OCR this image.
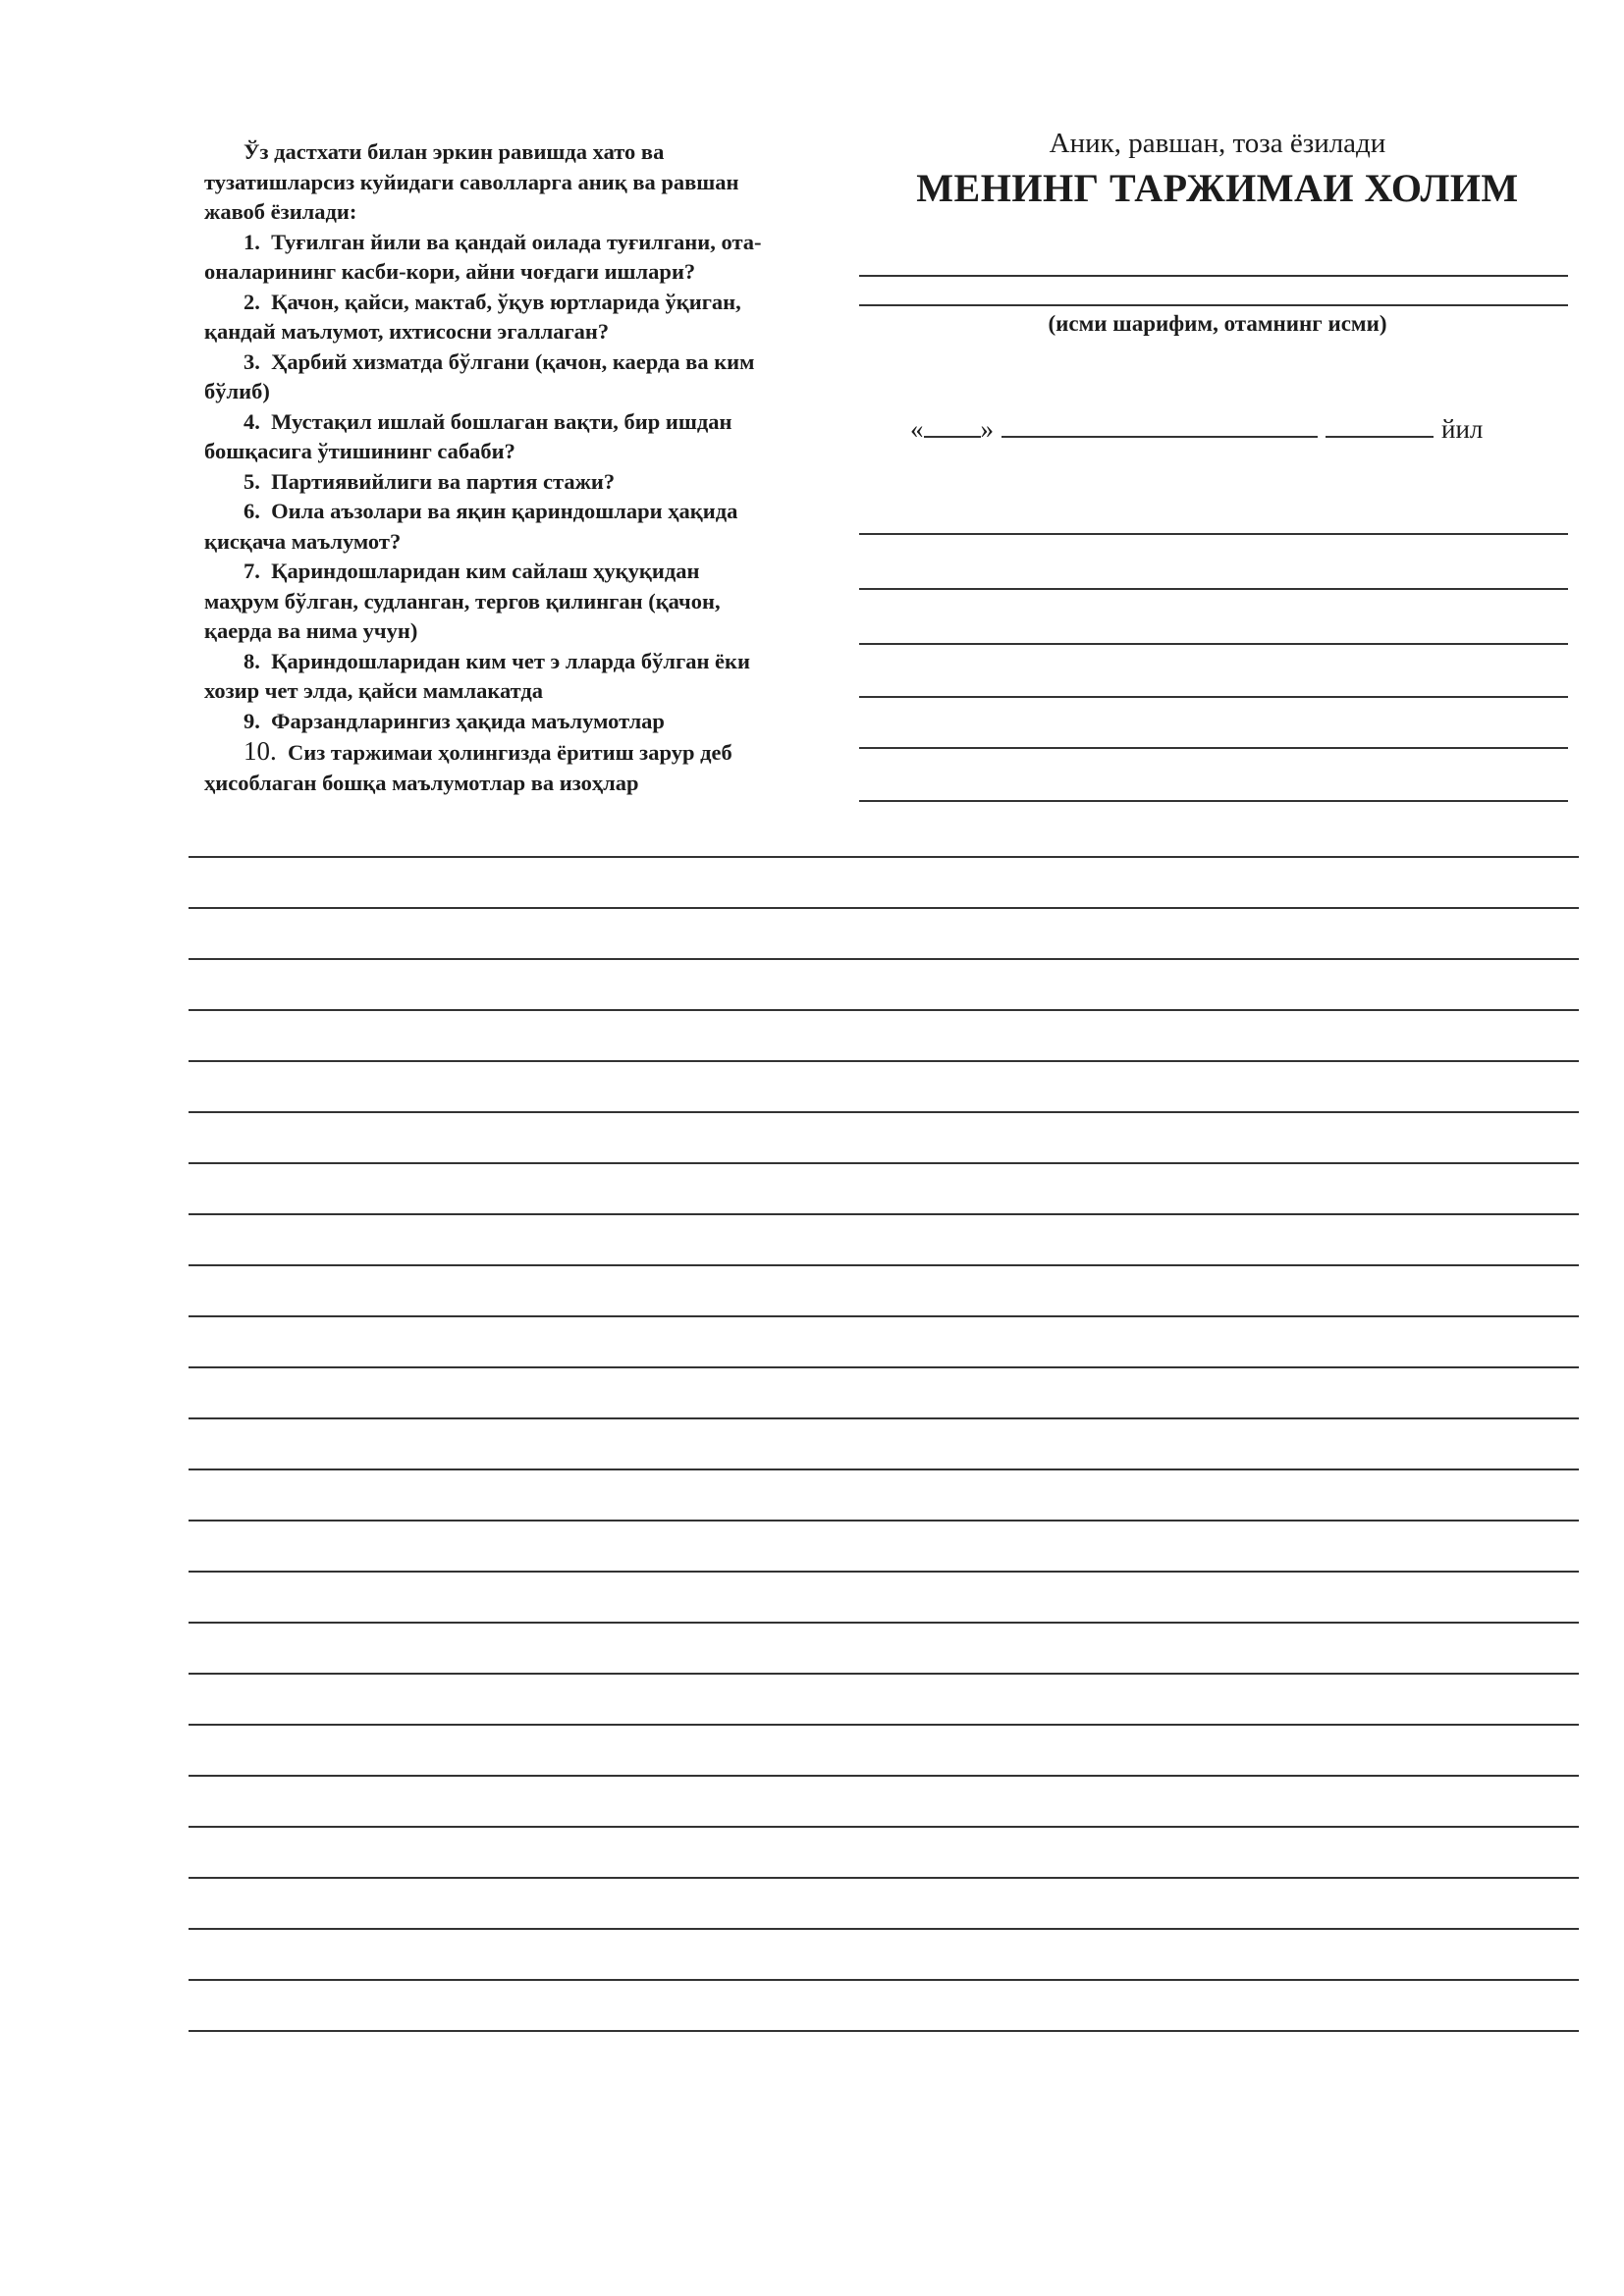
Ўз дастхати билан эркин равишда хато ва
тузатишларсиз куйидаги саволларга аниқ ва равшан
жавоб ёзилади:
1. Туғилган йили ва қандай оилада туғилгани, ота-
оналарининг касби-кори, айни чоғдаги ишлари?
2. Қачон, қайси, мактаб, ўқув юртларида ўқиган,
қандай маълумот, ихтисосни эгаллаган?
3. Ҳарбий хизматда бўлгани (қачон, каерда ва ким
бўлиб)
4. Мустақил ишлай бошлаган вақти, бир ишдан
бошқасига ўтишининг сабаби?
5. Партиявийлиги ва партия стажи?
6. Оила аъзолари ва яқин қариндошлари ҳақида
қисқача маълумот?
7. Қариндошларидан ким сайлаш ҳуқуқидан
маҳрум бўлган, судланган, тергов қилинган (қачон,
қаерда ва нима учун)
8. Қариндошларидан ким чет э лларда бўлган ёки
хозир чет элда, қайси мамлакатда
9. Фарзандларингиз ҳақида маълумотлар
10. Сиз таржимаи ҳолингизда ёритиш зарур деб
ҳисоблаган бошқа маълумотлар ва изоҳлар
Аник, равшан, тоза ёзилади
МЕНИНГ ТАРЖИМАИ ХОЛИМ
(исми шарифим, отамнинг исми)
« »	йил
